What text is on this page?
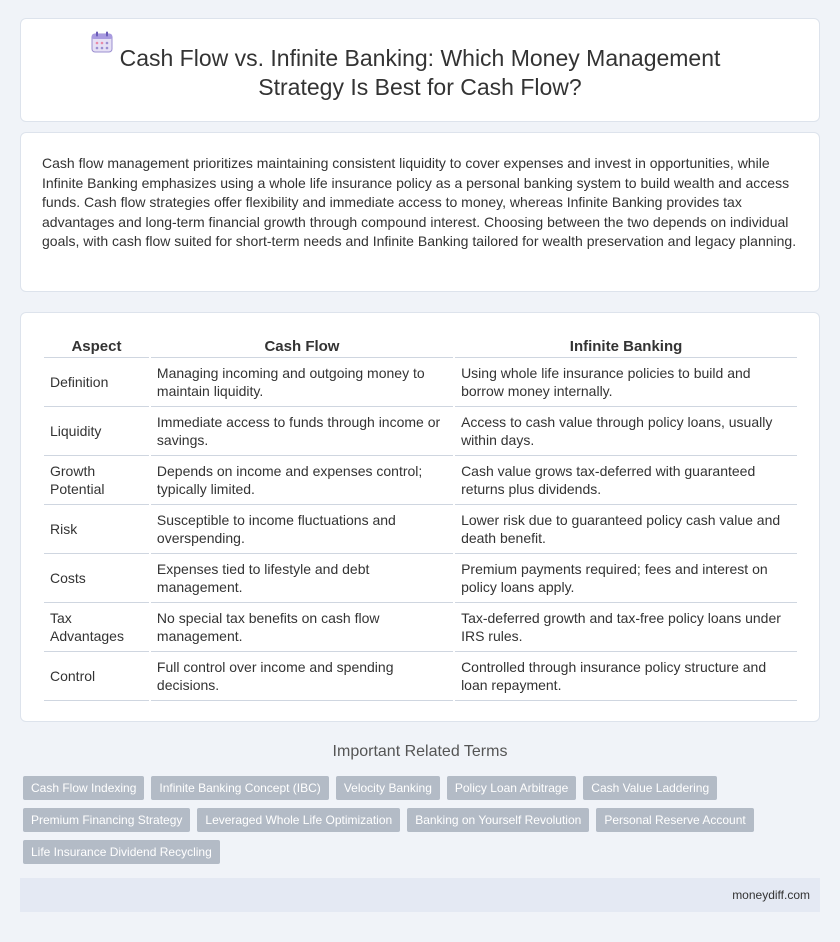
Cash Flow vs. Infinite Banking: Which Money Management Strategy Is Best for Cash Flow?

Cash flow management prioritizes maintaining consistent liquidity to cover expenses and invest in opportunities, while Infinite Banking emphasizes using a whole life insurance policy as a personal banking system to build wealth and access funds. Cash flow strategies offer flexibility and immediate access to money, whereas Infinite Banking provides tax advantages and long-term financial growth through compound interest. Choosing between the two depends on individual goals, with cash flow suited for short-term needs and Infinite Banking tailored for wealth preservation and legacy planning.

Aspect	Cash Flow	Infinite Banking
Definition	Managing incoming and outgoing money to maintain liquidity.	Using whole life insurance policies to build and borrow money internally.
Liquidity	Immediate access to funds through income or savings.	Access to cash value through policy loans, usually within days.
Growth Potential	Depends on income and expenses control; typically limited.	Cash value grows tax-deferred with guaranteed returns plus dividends.
Risk	Susceptible to income fluctuations and overspending.	Lower risk due to guaranteed policy cash value and death benefit.
Costs	Expenses tied to lifestyle and debt management.	Premium payments required; fees and interest on policy loans apply.
Tax Advantages	No special tax benefits on cash flow management.	Tax-deferred growth and tax-free policy loans under IRS rules.
Control	Full control over income and spending decisions.	Controlled through insurance policy structure and loan repayment.
Important Related Terms
Cash Flow Indexing	Infinite Banking Concept (IBC)	Velocity Banking	Policy Loan Arbitrage	Cash Value Laddering
Premium Financing Strategy	Leveraged Whole Life Optimization	Banking on Yourself Revolution	Personal Reserve Account
Life Insurance Dividend Recycling
moneydiff.com
